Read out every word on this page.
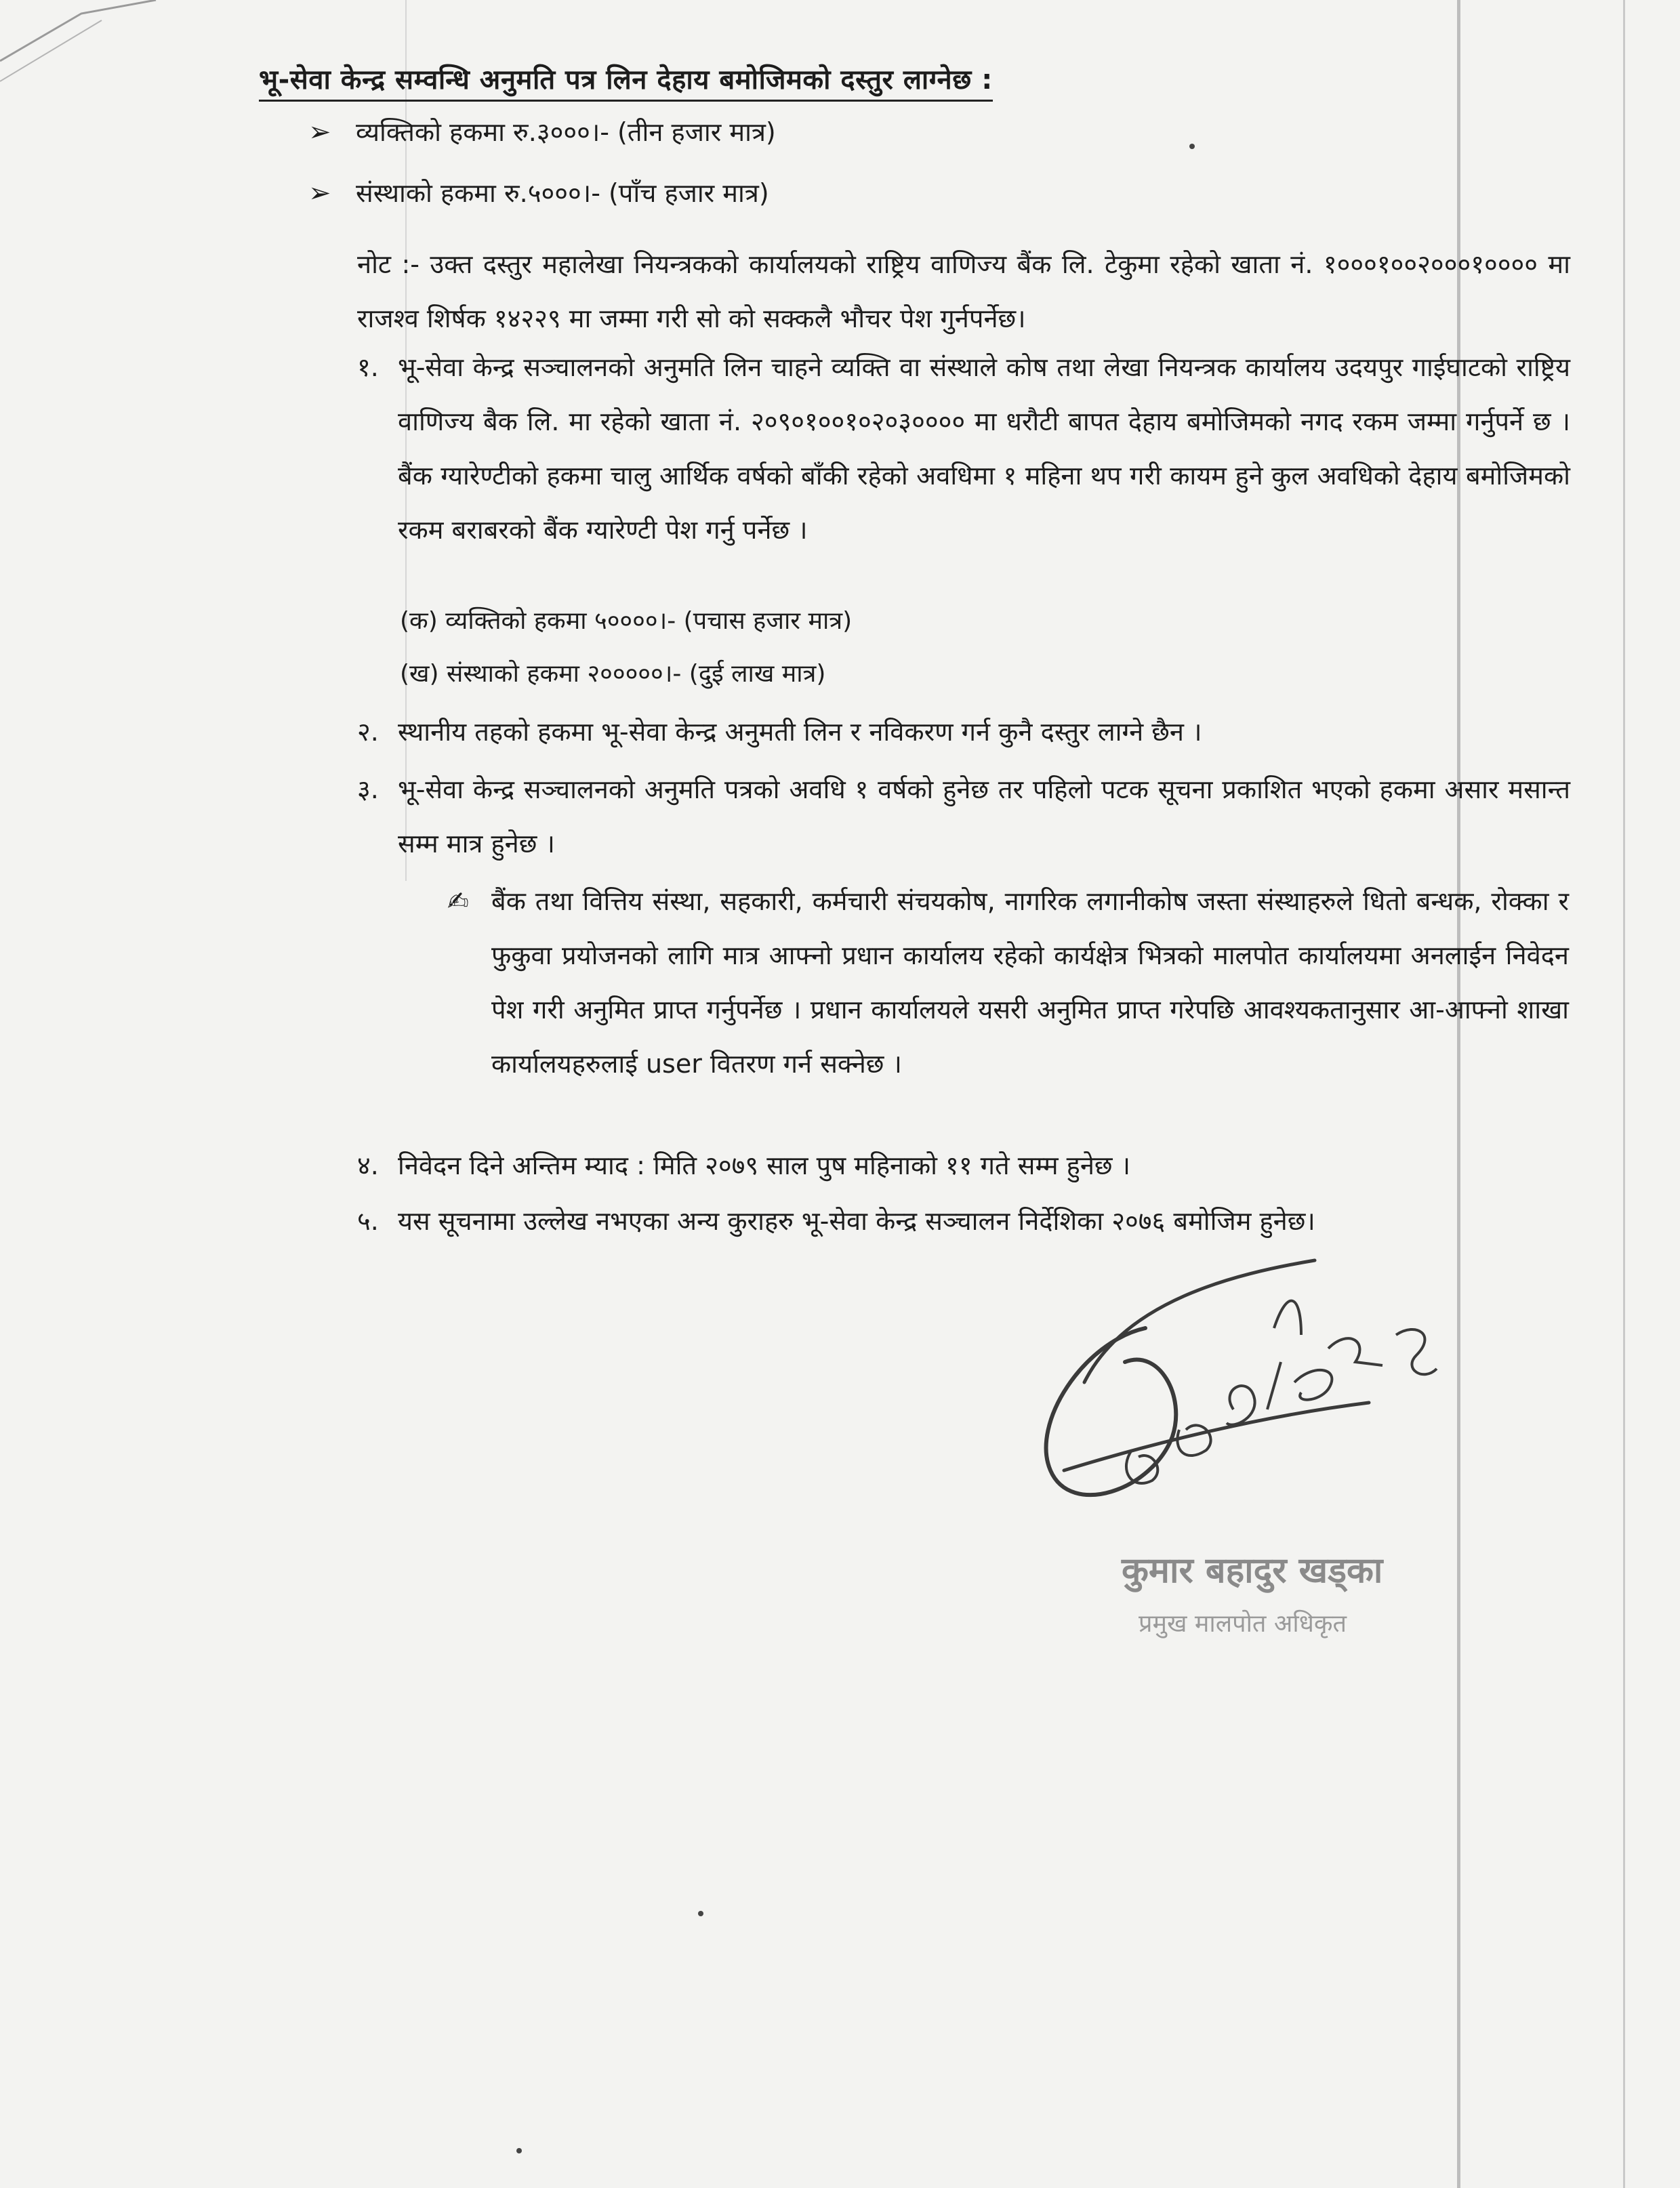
भू-सेवा केन्द्र सम्वन्धि अनुमति पत्र लिन देहाय बमोजिमको दस्तुर लाग्नेछ :
➢ व्यक्तिको हकमा रु.३०००।- (तीन हजार मात्र)
➢ संस्थाको हकमा रु.५०००।- (पाँच हजार मात्र)
नोट :- उक्त दस्तुर महालेखा नियन्त्रकको कार्यालयको राष्ट्रिय वाणिज्य बैंक लि. टेकुमा रहेको खाता नं. १०००१००२०००१०००० मा राजश्व शिर्षक १४२२९ मा जम्मा गरी सो को सक्कलै भौचर पेश गुर्नपर्नेछ।
१. भू-सेवा केन्द्र सञ्चालनको अनुमति लिन चाहने व्यक्ति वा संस्थाले कोष तथा लेखा नियन्त्रक कार्यालय उदयपुर गाईघाटको राष्ट्रिय वाणिज्य बैक लि. मा रहेको खाता नं. २०९०१००१०२०३०००० मा धरौटी बापत देहाय बमोजिमको नगद रकम जम्मा गर्नुपर्ने छ । बैंक ग्यारेण्टीको हकमा चालु आर्थिक वर्षको बाँकी रहेको अवधिमा १ महिना थप गरी कायम हुने कुल अवधिको देहाय बमोजिमको रकम बराबरको बैंक ग्यारेण्टी पेश गर्नु पर्नेछ ।
(क) व्यक्तिको हकमा ५००००।- (पचास हजार मात्र)
(ख) संस्थाको हकमा २०००००।- (दुई लाख मात्र)
२. स्थानीय तहको हकमा भू-सेवा केन्द्र अनुमती लिन र नविकरण गर्न कुनै दस्तुर लाग्ने छैन ।
३. भू-सेवा केन्द्र सञ्चालनको अनुमति पत्रको अवधि १ वर्षको हुनेछ तर पहिलो पटक सूचना प्रकाशित भएको हकमा असार मसान्त सम्म मात्र हुनेछ ।
✍ बैंक तथा वित्तिय संस्था, सहकारी, कर्मचारी संचयकोष, नागरिक लगानीकोष जस्ता संस्थाहरुले धितो बन्धक, रोक्का र फुकुवा प्रयोजनको लागि मात्र आफ्नो प्रधान कार्यालय रहेको कार्यक्षेत्र भित्रको मालपोत कार्यालयमा अनलाईन निवेदन पेश गरी अनुमित प्राप्त गर्नुपर्नेछ । प्रधान कार्यालयले यसरी अनुमित प्राप्त गरेपछि आवश्यकतानुसार आ-आफ्नो शाखा कार्यालयहरुलाई user वितरण गर्न सक्नेछ ।
४. निवेदन दिने अन्तिम म्याद : मिति २०७९ साल पुष महिनाको ११ गते सम्म हुनेछ ।
५. यस सूचनामा उल्लेख नभएका अन्य कुराहरु भू-सेवा केन्द्र सञ्चालन निर्देशिका २०७६ बमोजिम हुनेछ।
कुमार बहादुर खड्का
प्रमुख मालपोत अधिकृत
